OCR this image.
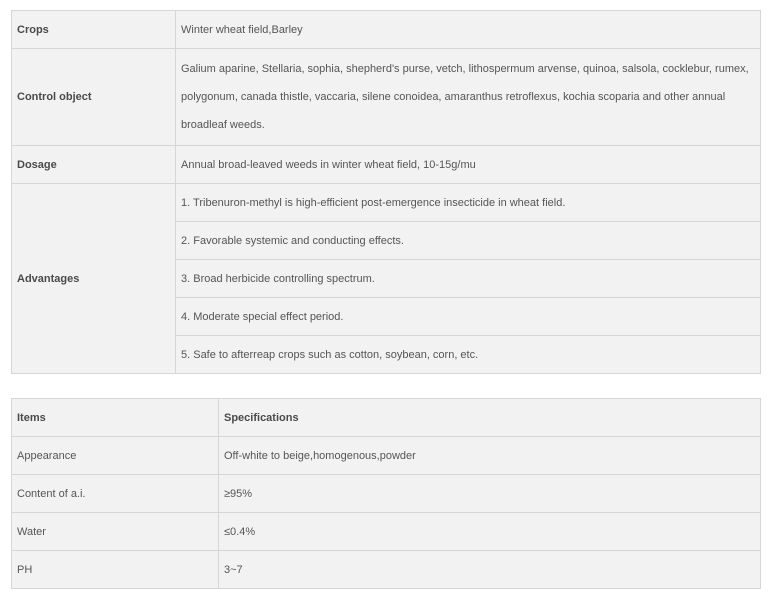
Crops	Winter wheat field,Barley
Control object	Galium aparine, Stellaria, sophia, shepherd's purse, vetch, lithospermum arvense, quinoa, salsola, cocklebur, rumex, polygonum, canada thistle, vaccaria, silene conoidea, amaranthus retroflexus, kochia scoparia and other annual broadleaf weeds.
Dosage	Annual broad-leaved weeds in winter wheat field, 10-15g/mu
Advantages	1. Tribenuron-methyl is high-efficient post-emergence insecticide in wheat field.
	2. Favorable systemic and conducting effects.
	3. Broad herbicide controlling spectrum.
	4. Moderate special effect period.
	5. Safe to afterreap crops such as cotton, soybean, corn, etc.
Items	Specifications
Appearance	Off-white to beige,homogenous,powder
Content of a.i.	≥95%
Water	≤0.4%
PH	3~7
